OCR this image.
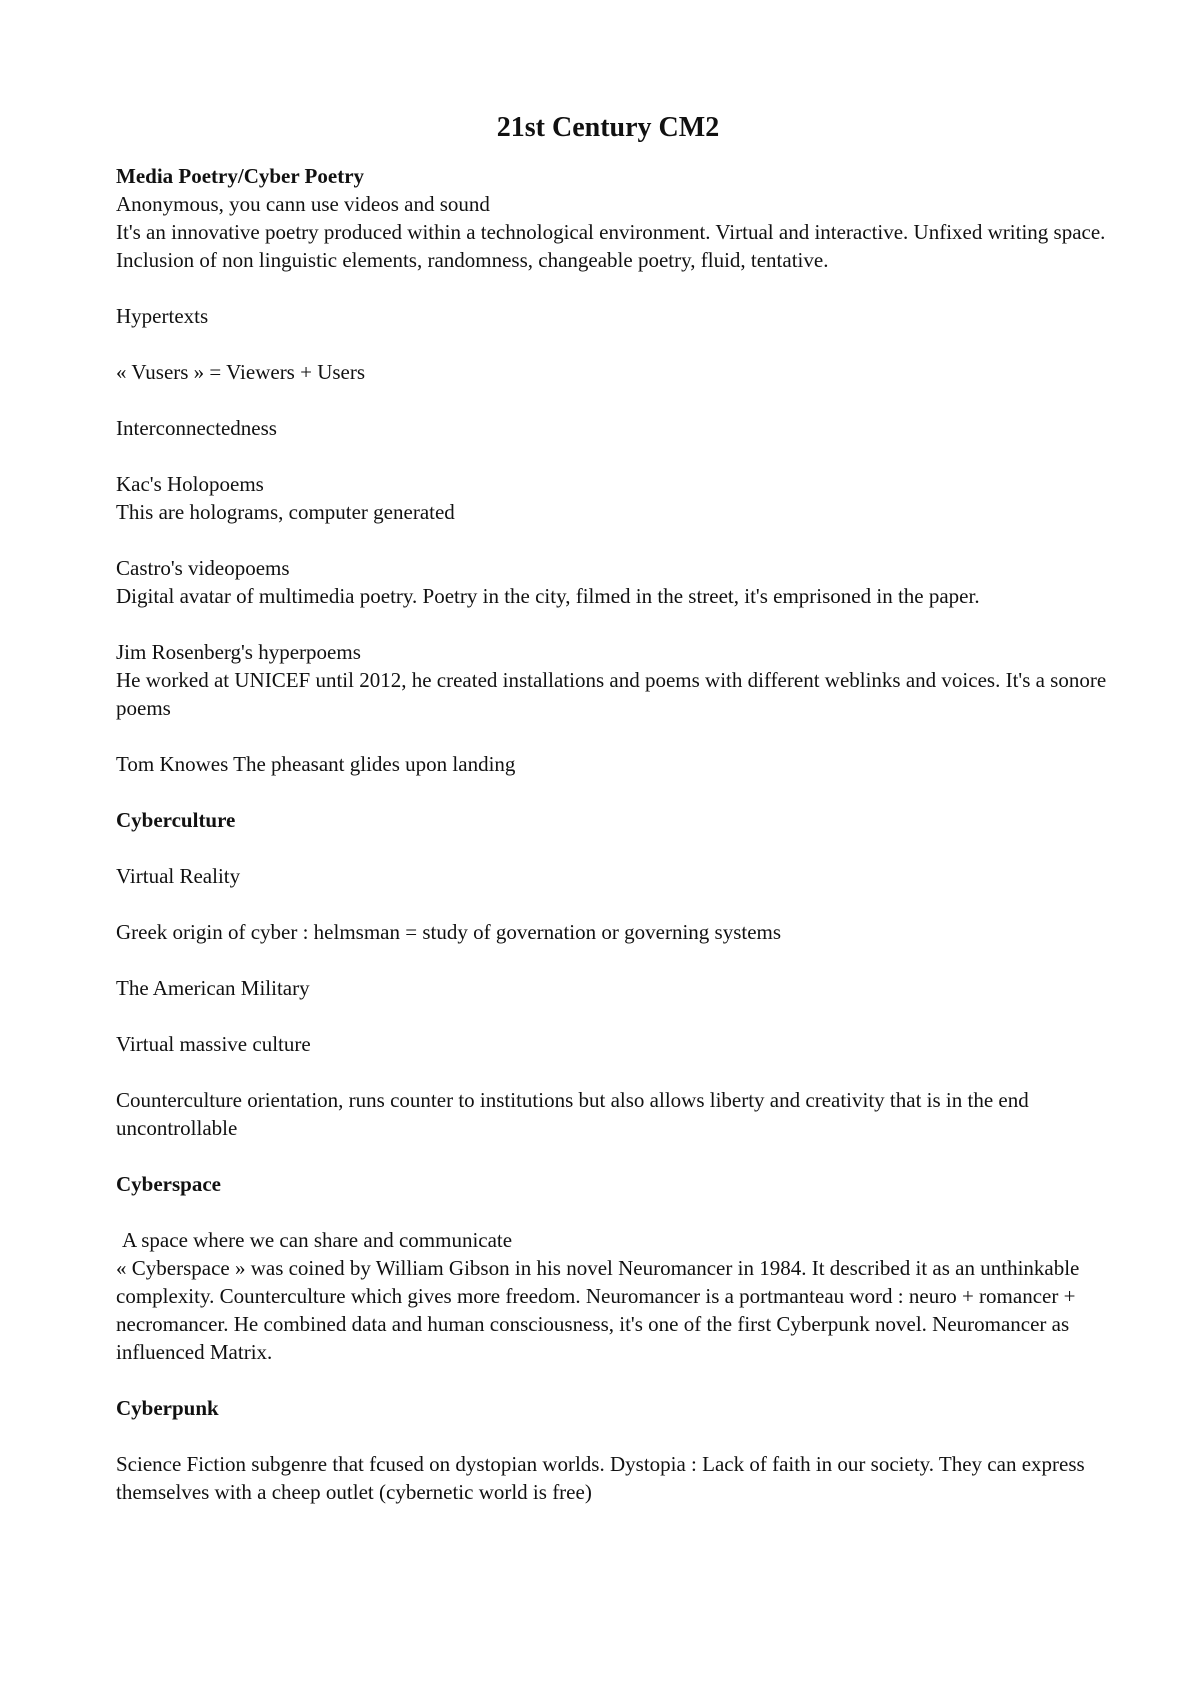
21st Century CM2
Media Poetry/Cyber Poetry
Anonymous, you cann use videos and sound
It's an innovative poetry produced within a technological environment. Virtual and interactive. Unfixed writing space. Inclusion of non linguistic elements, randomness, changeable poetry, fluid, tentative.
Hypertexts
« Vusers » = Viewers + Users
Interconnectedness
Kac's Holopoems
This are holograms, computer generated
Castro's videopoems
Digital avatar of multimedia poetry. Poetry in the city, filmed in the street, it's emprisoned in the paper.
Jim Rosenberg's hyperpoems
He worked at UNICEF until 2012, he created installations and poems with different weblinks and voices. It's a sonore poems
Tom Knowes The pheasant glides upon landing
Cyberculture
Virtual Reality
Greek origin of cyber : helmsman = study of governation or governing systems
The American Military
Virtual massive culture
Counterculture orientation, runs counter to institutions but also allows liberty and creativity that is in the end uncontrollable
Cyberspace
A space where we can share and communicate
« Cyberspace » was coined by William Gibson in his novel Neuromancer in 1984. It described it as an unthinkable complexity. Counterculture which gives more freedom. Neuromancer is a portmanteau word : neuro + romancer + necromancer. He combined data and human consciousness, it's one of the first Cyberpunk novel. Neuromancer as influenced Matrix.
Cyberpunk
Science Fiction subgenre that fcused on dystopian worlds. Dystopia : Lack of faith in our society. They can express themselves with a cheep outlet (cybernetic world is free)
